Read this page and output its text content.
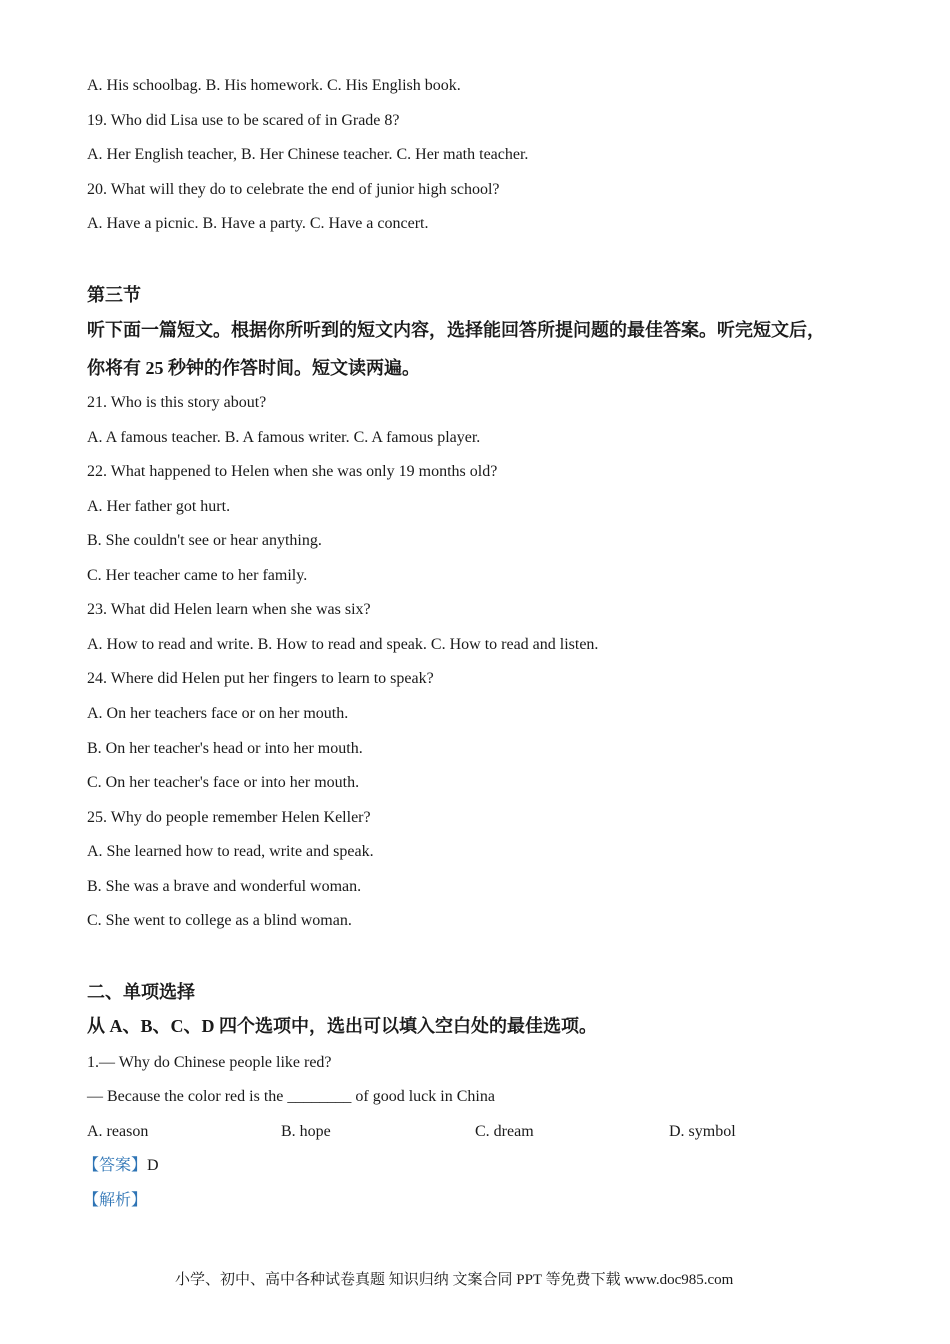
A. His schoolbag. B. His homework. C. His English book.
19. Who did Lisa use to be scared of in Grade 8?
A. Her English teacher, B. Her Chinese teacher. C. Her math teacher.
20. What will they do to celebrate the end of junior high school?
A. Have a picnic. B. Have a party. C. Have a concert.
第三节
听下面一篇短文。根据你所听到的短文内容，选择能回答所提问题的最佳答案。听完短文后，
你将有 25 秒钟的作答时间。短文读两遍。
21. Who is this story about?
A. A famous teacher. B. A famous writer. C. A famous player.
22. What happened to Helen when she was only 19 months old?
A. Her father got hurt.
B. She couldn't see or hear anything.
C. Her teacher came to her family.
23. What did Helen learn when she was six?
A. How to read and write. B. How to read and speak. C. How to read and listen.
24. Where did Helen put her fingers to learn to speak?
A. On her teachers face or on her mouth.
B. On her teacher's head or into her mouth.
C. On her teacher's face or into her mouth.
25. Why do people remember Helen Keller?
A. She learned how to read, write and speak.
B. She was a brave and wonderful woman.
C. She went to college as a blind woman.
二、单项选择
从 A、B、C、D 四个选项中，选出可以填入空白处的最佳选项。
1.— Why do Chinese people like red?
— Because the color red is the ________ of good luck in China
A. reason	B. hope	C. dream	D. symbol
【答案】D
【解析】
小学、初中、高中各种试卷真题 知识归纳 文案合同 PPT 等免费下载 www.doc985.com
